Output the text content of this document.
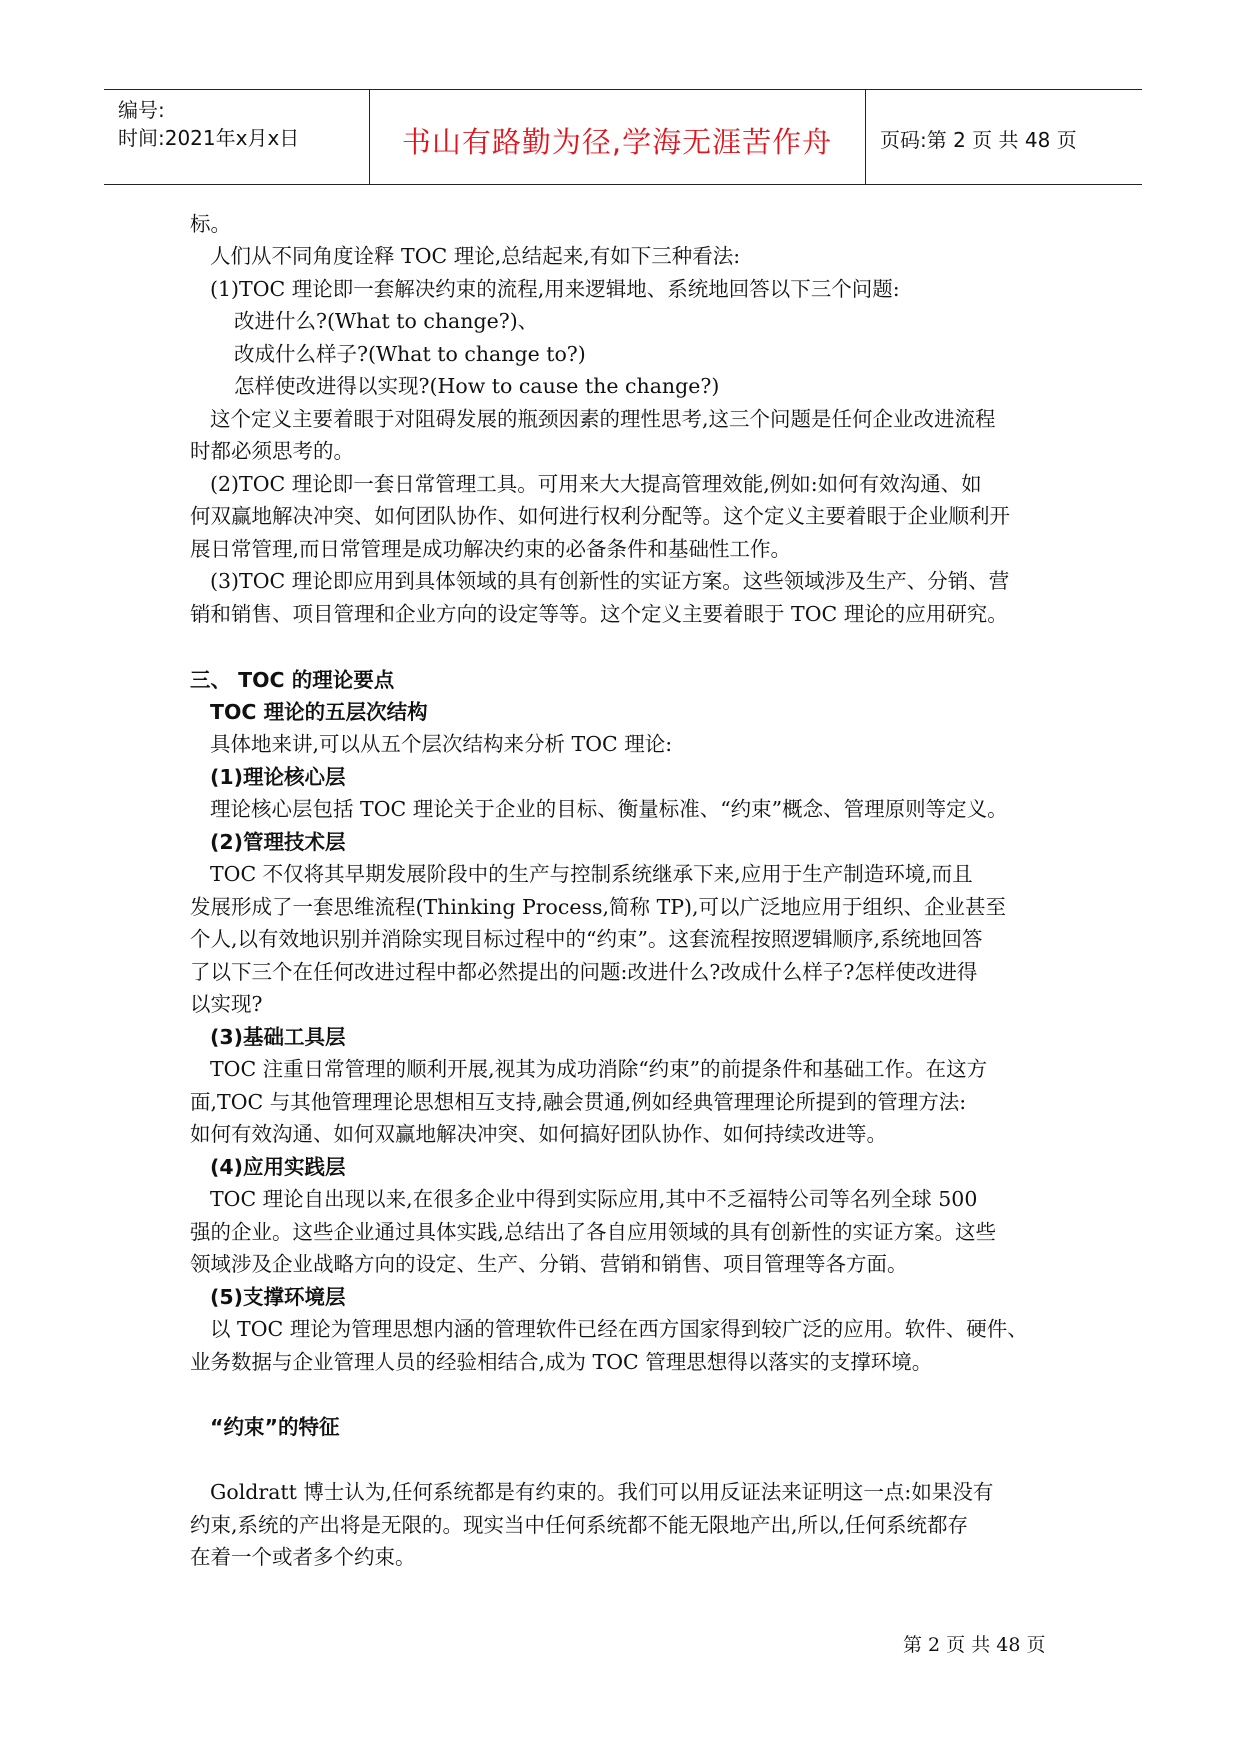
编号:
时间:2021年x月x日	书山有路勤为径,学海无涯苦作舟	页码:第 2 页 共 48 页
标。
人们从不同角度诠释 TOC 理论,总结起来,有如下三种看法:
(1)TOC 理论即一套解决约束的流程,用来逻辑地、系统地回答以下三个问题:
改进什么?(What to change?)、
改成什么样子?(What to change to?)
怎样使改进得以实现?(How to cause the change?)
这个定义主要着眼于对阻碍发展的瓶颈因素的理性思考,这三个问题是任何企业改进流程
时都必须思考的。
(2)TOC 理论即一套日常管理工具。可用来大大提高管理效能,例如:如何有效沟通、如
何双赢地解决冲突、如何团队协作、如何进行权利分配等。这个定义主要着眼于企业顺利开
展日常管理,而日常管理是成功解决约束的必备条件和基础性工作。
(3)TOC 理论即应用到具体领域的具有创新性的实证方案。这些领域涉及生产、分销、营
销和销售、项目管理和企业方向的设定等等。这个定义主要着眼于 TOC 理论的应用研究。
三、 TOC 的理论要点
TOC 理论的五层次结构
具体地来讲,可以从五个层次结构来分析 TOC 理论:
(1)理论核心层
理论核心层包括 TOC 理论关于企业的目标、衡量标准、“约束”概念、管理原则等定义。
(2)管理技术层
TOC 不仅将其早期发展阶段中的生产与控制系统继承下来,应用于生产制造环境,而且
发展形成了一套思维流程(Thinking Process,简称 TP),可以广泛地应用于组织、企业甚至
个人,以有效地识别并消除实现目标过程中的“约束”。这套流程按照逻辑顺序,系统地回答
了以下三个在任何改进过程中都必然提出的问题:改进什么?改成什么样子?怎样使改进得
以实现?
(3)基础工具层
TOC 注重日常管理的顺利开展,视其为成功消除“约束”的前提条件和基础工作。在这方
面,TOC 与其他管理理论思想相互支持,融会贯通,例如经典管理理论所提到的管理方法:
如何有效沟通、如何双赢地解决冲突、如何搞好团队协作、如何持续改进等。
(4)应用实践层
TOC 理论自出现以来,在很多企业中得到实际应用,其中不乏福特公司等名列全球 500
强的企业。这些企业通过具体实践,总结出了各自应用领域的具有创新性的实证方案。这些
领域涉及企业战略方向的设定、生产、分销、营销和销售、项目管理等各方面。
(5)支撑环境层
以 TOC 理论为管理思想内涵的管理软件已经在西方国家得到较广泛的应用。软件、硬件、
业务数据与企业管理人员的经验相结合,成为 TOC 管理思想得以落实的支撑环境。
“约束”的特征
Goldratt 博士认为,任何系统都是有约束的。我们可以用反证法来证明这一点:如果没有
约束,系统的产出将是无限的。现实当中任何系统都不能无限地产出,所以,任何系统都存
在着一个或者多个约束。
第 2 页 共 48 页
